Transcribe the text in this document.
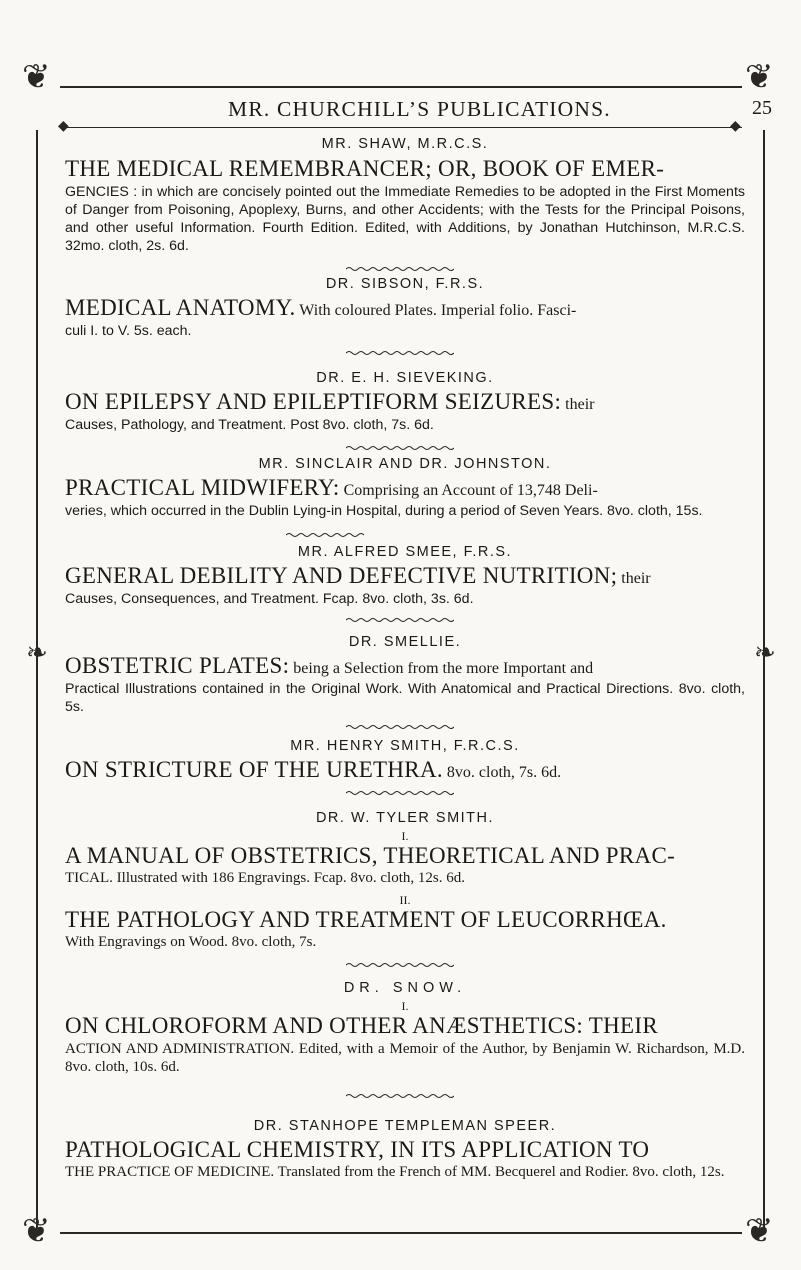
❦	❦
◆	◆
❧	❧
❦	❦
MR. CHURCHILL’S PUBLICATIONS.	25
MR. SHAW, M.R.C.S.
THE MEDICAL REMEMBRANCER; OR, BOOK OF EMER-
GENCIES : in which are concisely pointed out the Immediate Remedies to be adopted in the First Moments of Danger from Poisoning, Apoplexy, Burns, and other Accidents; with the Tests for the Principal Poisons, and other useful Information. Fourth Edition. Edited, with Additions, by Jonathan Hutchinson, M.R.C.S. 32mo. cloth, 2s. 6d.
DR. SIBSON, F.R.S.
MEDICAL ANATOMY. With coloured Plates. Imperial folio. Fasci-
culi I. to V. 5s. each.
DR. E. H. SIEVEKING.
ON EPILEPSY AND EPILEPTIFORM SEIZURES: their
Causes, Pathology, and Treatment. Post 8vo. cloth, 7s. 6d.
MR. SINCLAIR AND DR. JOHNSTON.
PRACTICAL MIDWIFERY: Comprising an Account of 13,748 Deli-
veries, which occurred in the Dublin Lying-in Hospital, during a period of Seven Years. 8vo. cloth, 15s.
MR. ALFRED SMEE, F.R.S.
GENERAL DEBILITY AND DEFECTIVE NUTRITION; their
Causes, Consequences, and Treatment. Fcap. 8vo. cloth, 3s. 6d.
DR. SMELLIE.
OBSTETRIC PLATES: being a Selection from the more Important and
Practical Illustrations contained in the Original Work. With Anatomical and Practical Directions. 8vo. cloth, 5s.
MR. HENRY SMITH, F.R.C.S.
ON STRICTURE OF THE URETHRA. 8vo. cloth, 7s. 6d.
DR. W. TYLER SMITH.
I.
A MANUAL OF OBSTETRICS, THEORETICAL AND PRAC-
TICAL. Illustrated with 186 Engravings. Fcap. 8vo. cloth, 12s. 6d.
II.
THE PATHOLOGY AND TREATMENT OF LEUCORRHŒA.
With Engravings on Wood. 8vo. cloth, 7s.
DR. SNOW.
I.
ON CHLOROFORM AND OTHER ANÆSTHETICS: THEIR
ACTION AND ADMINISTRATION. Edited, with a Memoir of the Author, by Benjamin W. Richardson, M.D. 8vo. cloth, 10s. 6d.
DR. STANHOPE TEMPLEMAN SPEER.
PATHOLOGICAL CHEMISTRY, IN ITS APPLICATION TO
THE PRACTICE OF MEDICINE. Translated from the French of MM. Becquerel and Rodier. 8vo. cloth, 12s.
